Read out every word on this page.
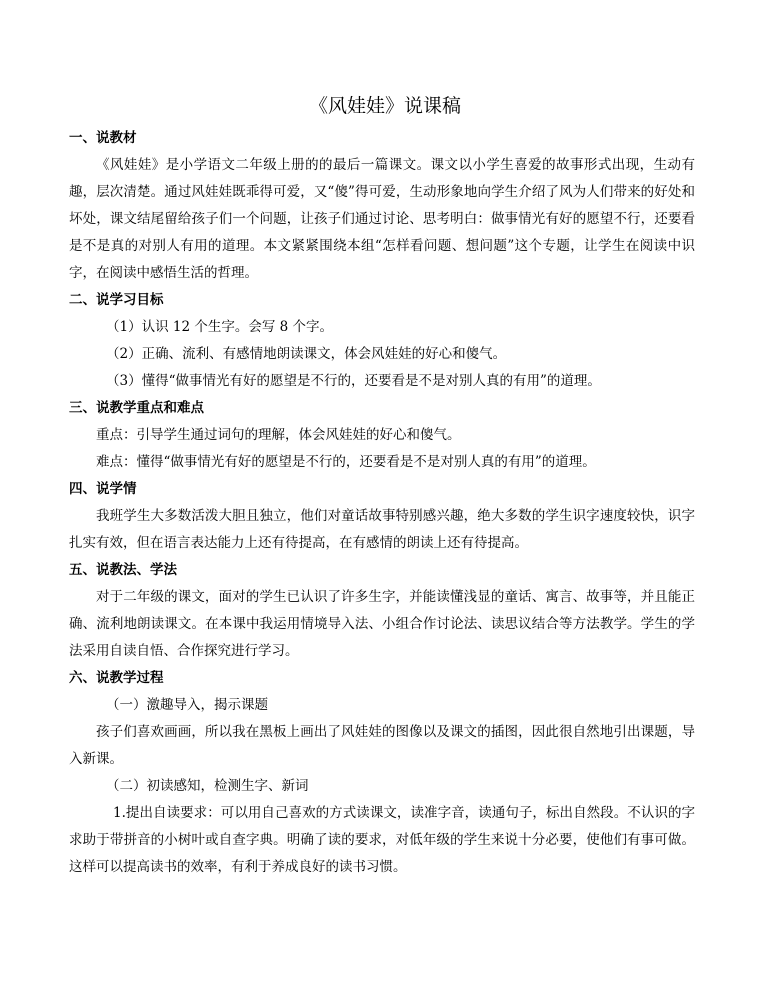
《风娃娃》说课稿

一、说教材

《风娃娃》是小学语文二年级上册的的最后一篇课文。课文以小学生喜爱的故事形式出现，生动有趣，层次清楚。通过风娃娃既乖得可爱，又“傻”得可爱，生动形象地向学生介绍了风为人们带来的好处和坏处，课文结尾留给孩子们一个问题，让孩子们通过讨论、思考明白：做事情光有好的愿望不行，还要看是不是真的对别人有用的道理。本文紧紧围绕本组“怎样看问题、想问题”这个专题，让学生在阅读中识字，在阅读中感悟生活的哲理。

二、说学习目标

（1）认识 12 个生字。会写 8 个字。

（2）正确、流利、有感情地朗读课文，体会风娃娃的好心和傻气。

（3）懂得“做事情光有好的愿望是不行的，还要看是不是对别人真的有用”的道理。

三、说教学重点和难点

重点：引导学生通过词句的理解，体会风娃娃的好心和傻气。

难点：懂得“做事情光有好的愿望是不行的，还要看是不是对别人真的有用”的道理。

四、说学情

我班学生大多数活泼大胆且独立，他们对童话故事特别感兴趣，绝大多数的学生识字速度较快，识字扎实有效，但在语言表达能力上还有待提高，在有感情的朗读上还有待提高。

五、说教法、学法

对于二年级的课文，面对的学生已认识了许多生字，并能读懂浅显的童话、寓言、故事等，并且能正确、流利地朗读课文。在本课中我运用情境导入法、小组合作讨论法、读思议结合等方法教学。学生的学法采用自读自悟、合作探究进行学习。

六、说教学过程

（一）激趣导入，揭示课题

孩子们喜欢画画，所以我在黑板上画出了风娃娃的图像以及课文的插图，因此很自然地引出课题，导入新课。

（二）初读感知，检测生字、新词

1.提出自读要求：可以用自己喜欢的方式读课文，读准字音，读通句子，标出自然段。不认识的字求助于带拼音的小树叶或自查字典。明确了读的要求，对低年级的学生来说十分必要，使他们有事可做。这样可以提高读书的效率，有利于养成良好的读书习惯。
